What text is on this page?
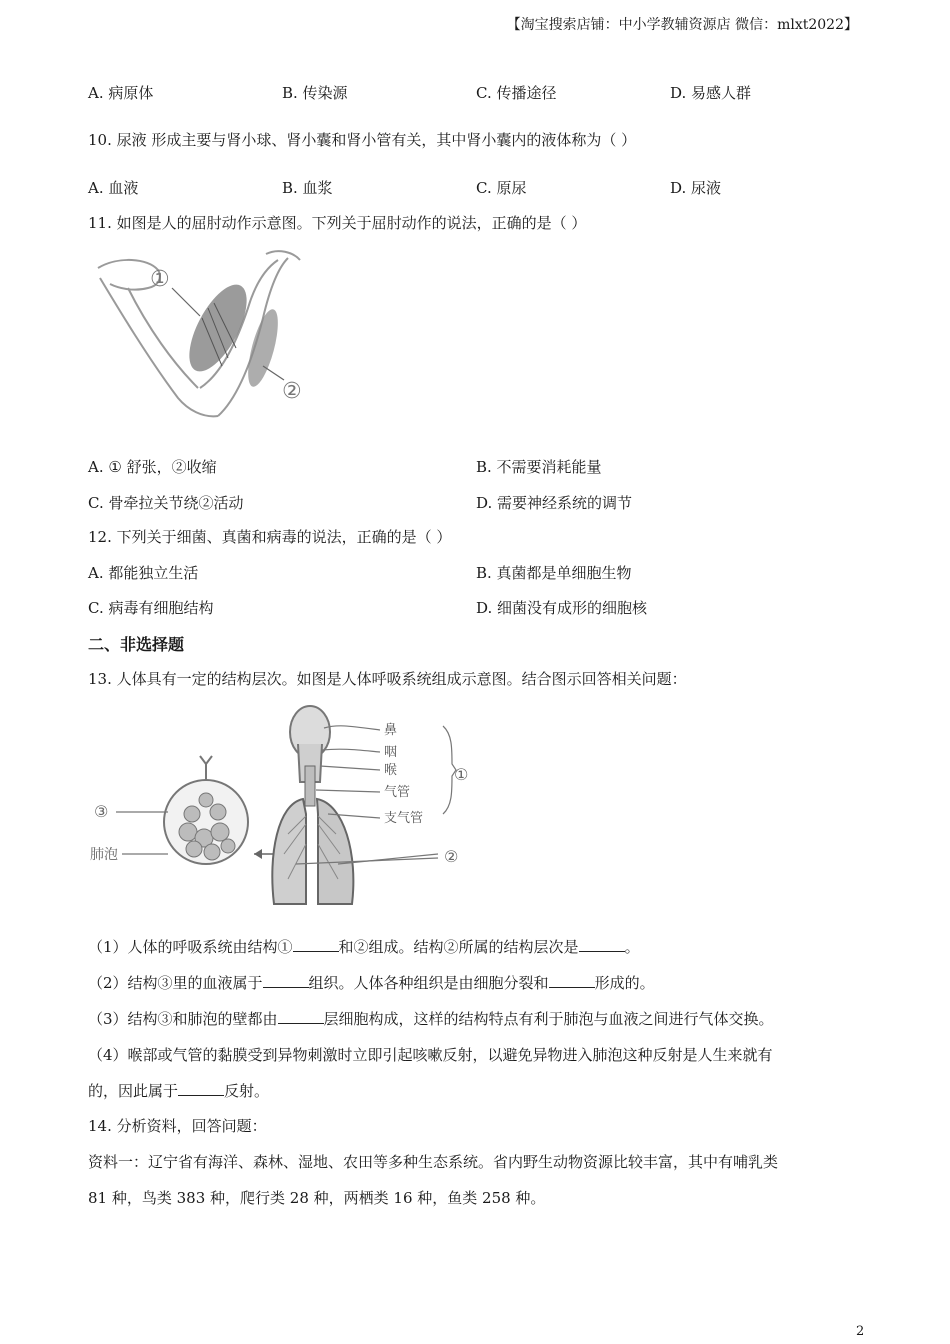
【淘宝搜索店铺：中小学教辅资源店 微信：mlxt2022】
A. 病原体	B. 传染源	C. 传播途径	D. 易感人群
10. 尿液 形成主要与肾小球、肾小囊和肾小管有关，其中肾小囊内的液体称为（ ）
A. 血液	B. 血浆	C. 原尿	D. 尿液
11. 如图是人的屈肘动作示意图。下列关于屈肘动作的说法，正确的是（ ）
①
②
A. ① 舒张，②收缩	B. 不需要消耗能量
C. 骨牵拉关节绕②活动	D. 需要神经系统的调节
12. 下列关于细菌、真菌和病毒的说法，正确的是（ ）
A. 都能独立生活	B. 真菌都是单细胞生物
C. 病毒有细胞结构	D. 细菌没有成形的细胞核
二、非选择题
13. 人体具有一定的结构层次。如图是人体呼吸系统组成示意图。结合图示回答相关问题：
③
肺泡
鼻
咽
喉
气管
支气管
①
②
（1）人体的呼吸系统由结构①	和②组成。结构②所属的结构层次是	。
（2）结构③里的血液属于	组织。人体各种组织是由细胞分裂和	形成的。
（3）结构③和肺泡的壁都由	层细胞构成，这样的结构特点有利于肺泡与血液之间进行气体交换。
（4）喉部或气管的黏膜受到异物刺激时立即引起咳嗽反射，以避免异物进入肺泡这种反射是人生来就有
的，因此属于	反射。
14. 分析资料，回答问题：
资料一：辽宁省有海洋、森林、湿地、农田等多种生态系统。省内野生动物资源比较丰富，其中有哺乳类
81 种，鸟类 383 种，爬行类 28 种，两栖类 16 种，鱼类 258 种。
2
